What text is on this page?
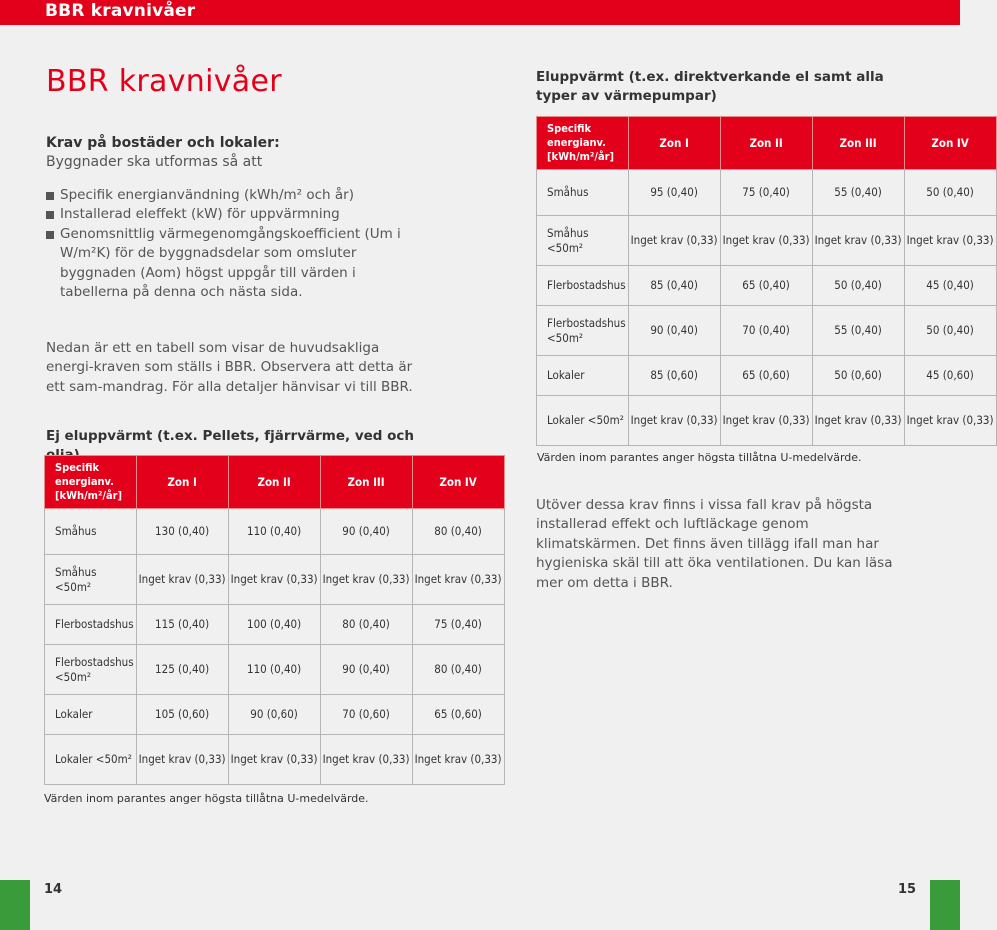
BBR kravnivåer
BBR kravnivåer
Krav på bostäder och lokaler:
Byggnader ska utformas så att
Specifik energianvändning (kWh/m² och år)
Installerad eleffekt (kW) för uppvärmning
Genomsnittlig värmegenomgångskoefficient (Um i W/m²K) för de byggnadsdelar som omsluter byggnaden (Aom) högst uppgår till värden i tabellerna på denna och nästa sida.

Nedan är ett en tabell som visar de huvudsakliga energi-kraven som ställs i BBR. Observera att detta är ett sam-mandrag. För alla detaljer hänvisar vi till BBR.

Ej eluppvärmt (t.ex. Pellets, fjärrvärme, ved och
Specifik energianv. [kWh/m²/år]	Zon I	Zon II	Zon III	Zon IV
Småhus	130 (0,40)	110 (0,40)	90 (0,40)	80 (0,40)
Småhus <50m²	Inget krav (0,33)	Inget krav (0,33)	Inget krav (0,33)	Inget krav (0,33)
Flerbostadshus	115 (0,40)	100 (0,40)	80 (0,40)	75 (0,40)
Flerbostadshus <50m²	125 (0,40)	110 (0,40)	90 (0,40)	80 (0,40)
Lokaler	105 (0,60)	90 (0,60)	70 (0,60)	65 (0,60)
Lokaler <50m²	Inget krav (0,33)	Inget krav (0,33)	Inget krav (0,33)	Inget krav (0,33)
Värden inom parantes anger högsta tillåtna U-medelvärde.
Eluppvärmt (t.ex. direktverkande el samt alla typer av värmepumpar)
Specifik energianv. [kWh/m²/år]	Zon I	Zon II	Zon III	Zon IV
Småhus	95 (0,40)	75 (0,40)	55 (0,40)	50 (0,40)
Småhus <50m²	Inget krav (0,33)	Inget krav (0,33)	Inget krav (0,33)	Inget krav (0,33)
Flerbostadshus	85 (0,40)	65 (0,40)	50 (0,40)	45 (0,40)
Flerbostadshus <50m²	90 (0,40)	70 (0,40)	55 (0,40)	50 (0,40)
Lokaler	85 (0,60)	65 (0,60)	50 (0,60)	45 (0,60)
Lokaler <50m²	Inget krav (0,33)	Inget krav (0,33)	Inget krav (0,33)	Inget krav (0,33)
Värden inom parantes anger högsta tillåtna U-medelvärde.

Utöver dessa krav finns i vissa fall krav på högsta installerad effekt och luftläckage genom klimatskärmen. Det finns även tillägg ifall man har hygieniska skäl till att öka ventilationen. Du kan läsa mer om detta i BBR.

14	15
